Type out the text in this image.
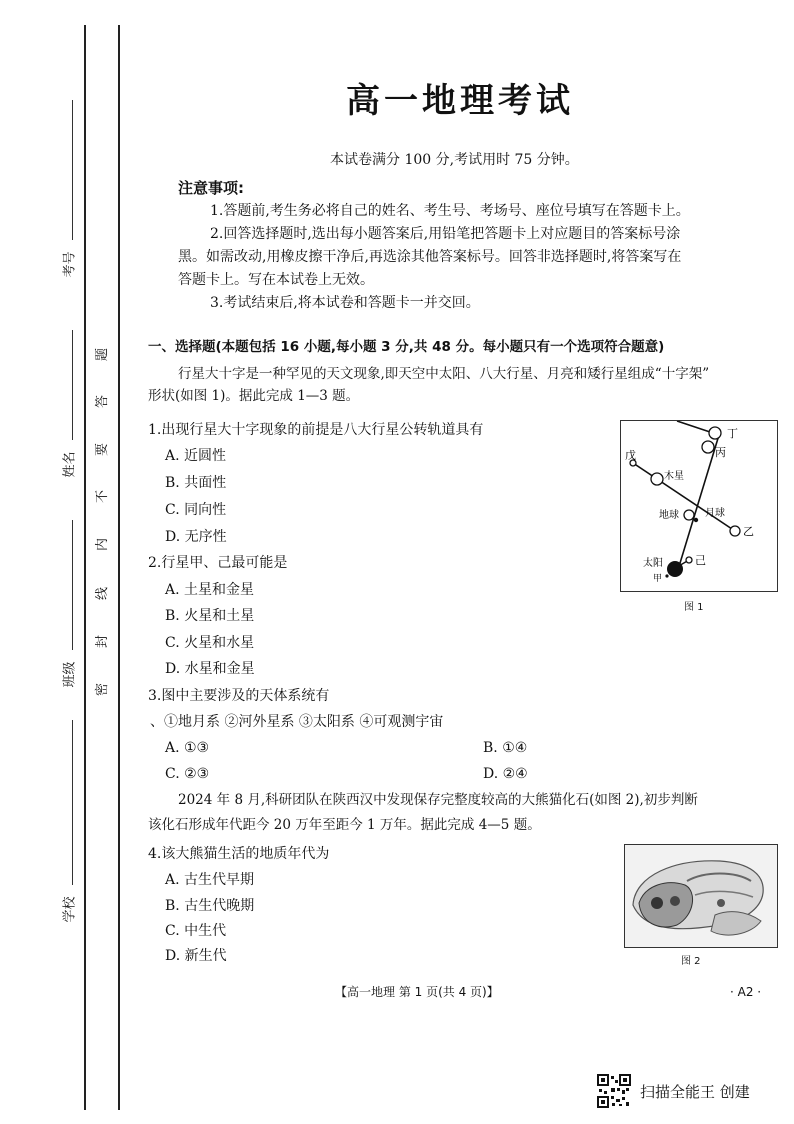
考号
姓名
班级
学校
题
答
要
不
内
线
封
密
高一地理考试
本试卷满分 100 分,考试用时 75 分钟。
注意事项:
1.答题前,考生务必将自己的姓名、考生号、考场号、座位号填写在答题卡上。
2.回答选择题时,选出每小题答案后,用铅笔把答题卡上对应题目的答案标号涂
黑。如需改动,用橡皮擦干净后,再选涂其他答案标号。回答非选择题时,将答案写在
答题卡上。写在本试卷上无效。
3.考试结束后,将本试卷和答题卡一并交回。
一、选择题(本题包括 16 小题,每小题 3 分,共 48 分。每小题只有一个选项符合题意)
行星大十字是一种罕见的天文现象,即天空中太阳、八大行星、月亮和矮行星组成“十字架”
形状(如图 1)。据此完成 1—3 题。
1.出现行星大十字现象的前提是八大行星公转轨道具有
A. 近圆性
B. 共面性
C. 同向性
D. 无序性
2.行星甲、己最可能是
A. 土星和金星
B. 火星和土星
C. 火星和水星
D. 水星和金星
3.图中主要涉及的天体系统有
、①地月系 ②河外星系 ③太阳系 ④可观测宇宙
A. ①③	B. ①④
C. ②③	D. ②④
2024 年 8 月,科研团队在陕西汉中发现保存完整度较高的大熊猫化石(如图 2),初步判断
该化石形成年代距今 20 万年至距今 1 万年。据此完成 4—5 题。
4.该大熊猫生活的地质年代为
A. 古生代早期
B. 古生代晚期
C. 中生代
D. 新生代
丁
丙
戊
木星
地球	月球
乙
太阳	己
甲
图 1
图 2
【高一地理 第 1 页(共 4 页)】	· A2 ·
扫描全能王 创建
